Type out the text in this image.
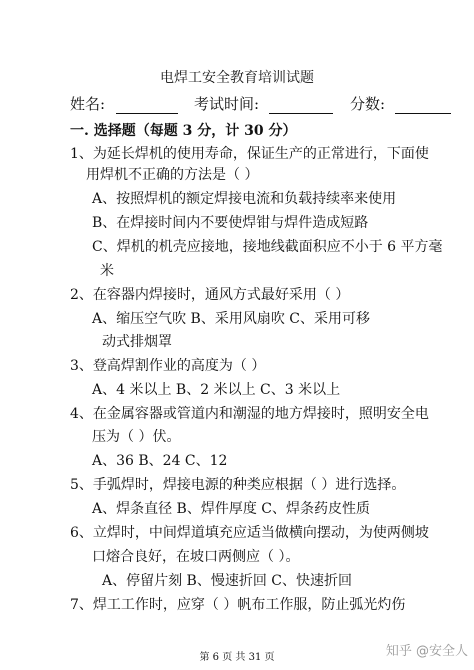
电焊工安全教育培训试题
姓名:	考试时间:	分数:
一. 选择题（每题 3 分，计 30 分）
1、为延长焊机的使用寿命，保证生产的正常进行，下面使
用焊机不正确的方法是（ ）
A、按照焊机的额定焊接电流和负载持续率来使用
B、在焊接时间内不要使焊钳与焊件造成短路
C、焊机的机壳应接地，接地线截面积应不小于 6 平方毫
米
2、在容器内焊接时，通风方式最好采用（ ）
A、缩压空气吹 B、采用风扇吹 C、采用可移
动式排烟罩
3、登高焊割作业的高度为（ ）
A、4 米以上 B、2 米以上 C、3 米以上
4、在金属容器或管道内和潮湿的地方焊接时，照明安全电
压为（ ）伏。
A、36 B、24 C、12
5、手弧焊时，焊接电源的种类应根据（ ）进行选择。
A、焊条直径 B、焊件厚度 C、焊条药皮性质
6、立焊时，中间焊道填充应适当做横向摆动，为使两侧坡
口熔合良好，在坡口两侧应（ ）。
A、停留片刻 B、慢速折回 C、快速折回
7、焊工工作时，应穿（ ）帆布工作服，防止弧光灼伤
第 6 页 共 31 页	知乎 @安全人
